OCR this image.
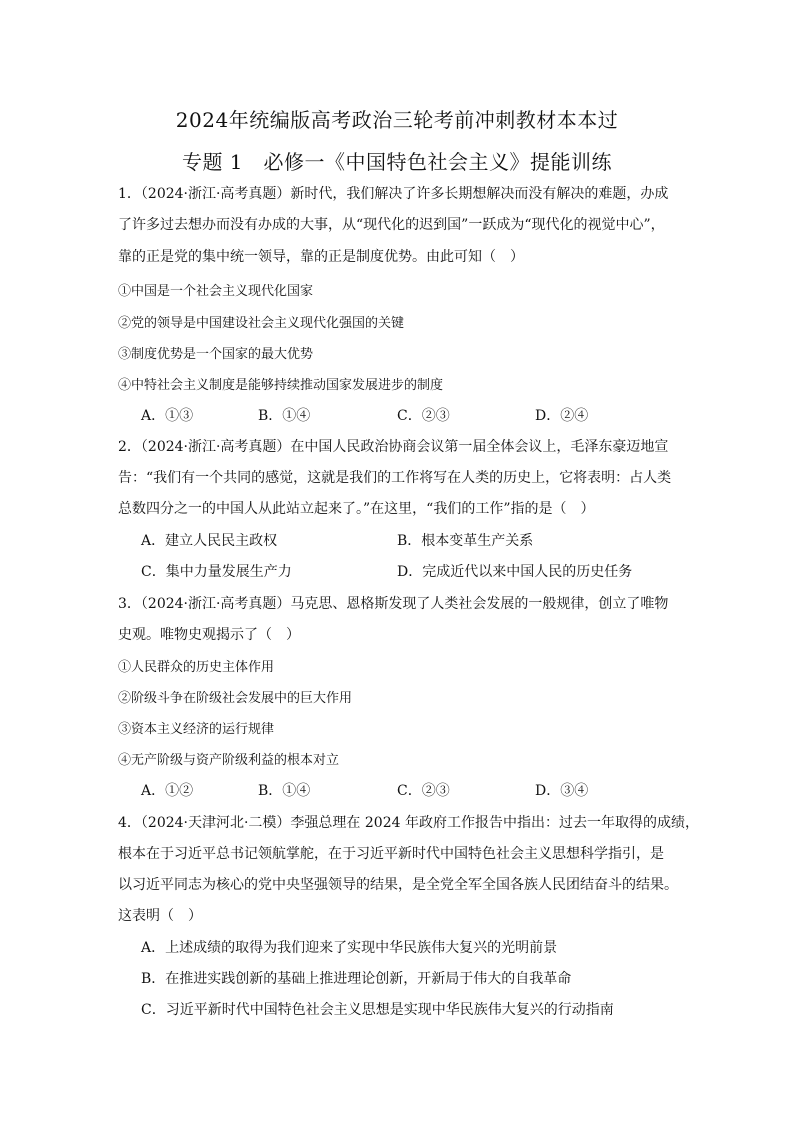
2024年统编版高考政治三轮考前冲刺教材本本过
专题 1　必修一《中国特色社会主义》提能训练
1．（2024·浙江·高考真题）新时代，我们解决了许多长期想解决而没有解决的难题，办成
了许多过去想办而没有办成的大事，从“现代化的迟到国”一跃成为“现代化的视觉中心”，
靠的正是党的集中统一领导，靠的正是制度优势。由此可知（　）
①中国是一个社会主义现代化国家
②党的领导是中国建设社会主义现代化强国的关键
③制度优势是一个国家的最大优势
④中特社会主义制度是能够持续推动国家发展进步的制度
A．①③	B．①④	C．②③	D．②④
2．（2024·浙江·高考真题）在中国人民政治协商会议第一届全体会议上，毛泽东豪迈地宣
告：“我们有一个共同的感觉，这就是我们的工作将写在人类的历史上，它将表明：占人类
总数四分之一的中国人从此站立起来了。”在这里，“我们的工作”指的是（　）
A．建立人民民主政权	B．根本变革生产关系
C．集中力量发展生产力	D．完成近代以来中国人民的历史任务
3．（2024·浙江·高考真题）马克思、恩格斯发现了人类社会发展的一般规律，创立了唯物
史观。唯物史观揭示了（　）
①人民群众的历史主体作用
②阶级斗争在阶级社会发展中的巨大作用
③资本主义经济的运行规律
④无产阶级与资产阶级利益的根本对立
A．①②	B．①④	C．②③	D．③④
4．（2024·天津河北·二模）李强总理在 2024 年政府工作报告中指出：过去一年取得的成绩，
根本在于习近平总书记领航掌舵，在于习近平新时代中国特色社会主义思想科学指引，是
以习近平同志为核心的党中央坚强领导的结果，是全党全军全国各族人民团结奋斗的结果。
这表明（　）
A．上述成绩的取得为我们迎来了实现中华民族伟大复兴的光明前景
B．在推进实践创新的基础上推进理论创新，开新局于伟大的自我革命
C．习近平新时代中国特色社会主义思想是实现中华民族伟大复兴的行动指南
